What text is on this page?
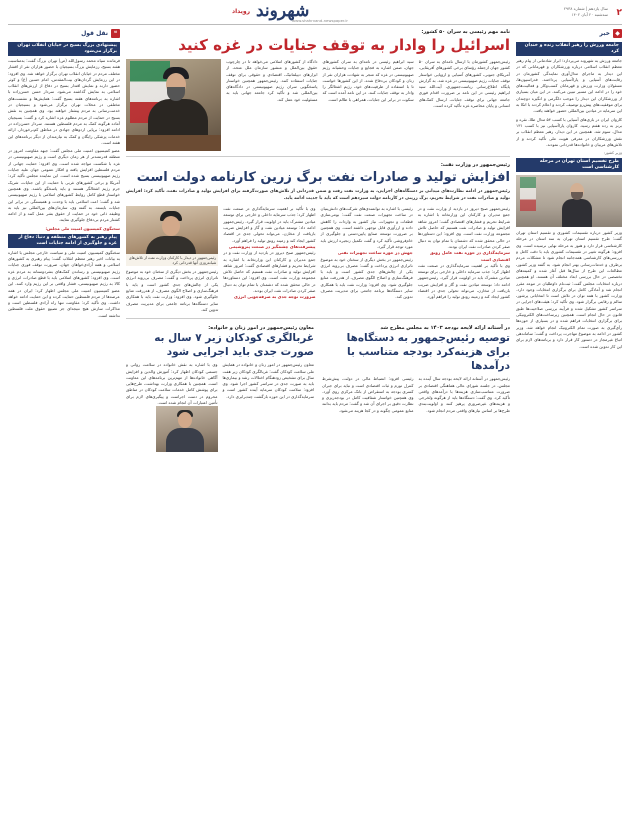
۲
سال یازدهم | شماره ۲۹۳۸
سه‌شنبه ۲۰ آبان ۱۴۰۲
رویداد شهروند
www.shahrvand-newspaper.ir
◆
خبر
جامعه ورزش را رهبر انقلاب زنده و خندان کرد

جامعه ورزش به شهروند می‌پردازد؛ ابراز شادمانی از پیام رهبر معظم انقلاب اسلامی درباره ورزشکاران و قهرمانانی که در این دیدار به ماجرای مدال‌آوری نمایندگی کشورمان در رقابت‌های آسیایی و پاراآسیایی پرداختند. فدراسیون‌ها، مسئولان وزارت ورزش و قهرمانان کسب‌وکار و فعالیت‌های خود را در ادامه این مسیر تبیین می‌کنند. در این میان بسیاری از ورزشکاران این دیدار را موجب دلگرمی و انگیزه دوچندان برای موفقیت‌های پیش‌رو توصیف کردند و اعلام کردند با اتکا به این سرمایه در میادین بین‌المللی حضور خواهند یافت.

کاروان ایران در بازی‌های آسیایی با کسب ۵۴ مدال طلا، نقره و برنز به رده هفتم رسید. کاروان پاراآسیایی نیز با کسب ۱۳۱ مدال، سوم شد. همچنین در این دیدار، رهبر معظم انقلاب بر نقش ورزشکاران در معرفی هویت ملی تأکید کردند و از تلاش‌های مربیان و خانواده‌ها قدردانی نمودند.

وزیر کشور:
طرح تقسیم استان تهران در مرحله کارشناسی است

وزیر کشور درباره تقسیمات کشوری و تقسیم استان تهران گفت: طرح تقسیم استان تهران به سه استان در مرحله کارشناسی قرار دارد و هنوز به مرحله نهایی نرسیده است. وی افزود: هرگونه تغییر در تقسیمات کشوری باید با دقت کامل و بررسی‌های کارشناسی همه‌جانبه انجام شود تا مشکلات مردم برطرف و خدمات‌رسانی بهتر انجام شود. به گفته وزیر کشور، مطالعات این طرح از سال‌ها قبل آغاز شده و کمیته‌های تخصصی در حال بررسی ابعاد مختلف آن هستند. او همچنین درباره انتخابات مجلس گفت: ثبت‌نام داوطلبان در موعد مقرر انجام شد و آمادگی کامل برای برگزاری انتخابات وجود دارد. وزارت کشور با همه توان در تلاش است تا انتخاباتی پرشور، سالم و رقابتی برگزار شود. وی تأکید کرد: هیئت‌های اجرایی در سراسر کشور تشکیل شده و فرآیند بررسی صلاحیت‌ها طبق قانون در حال انجام است. همچنین زیرساخت‌های الکترونیکی برای برگزاری انتخابات فراهم شده و در بسیاری از حوزه‌ها رأی‌گیری به صورت تمام الکترونیک انجام خواهد شد. وزیر کشور در ادامه به موضوع مهاجرت پرداخت و گفت: ساماندهی اتباع غیرمجاز در دستور کار قرار دارد و برنامه‌های لازم برای این کار تدوین شده است.

نامه مهم رئیسی به سران ۵۰ کشور:
اسرائیل را وادار به توقف جنایات در غزه کنید

رئیس‌جمهور کشورمان با ارسال نامه‌ای به سران ۵۰ کشور جهان ازجمله رؤسای برخی کشورهای آفریقایی، آمریکای جنوبی، کشورهای آسیایی و اروپایی خواستار توقف جنایات رژیم صهیونیستی در غزه شد. به گزارش پایگاه اطلاع‌رسانی ریاست‌جمهوری، آیت‌الله سید ابراهیم رئیسی در این نامه بر ضرورت اقدام فوری جامعه جهانی برای توقف جنایات، ارسال کمک‌های انسانی و پایان محاصره غزه تأکید کرده است.

سید ابراهیم رئیسی در نامه‌ای به سران کشورهای جهان، ضمن اشاره به فجایع و جنایات وحشیانه رژیم صهیونیستی در غزه که منجر به شهادت هزاران نفر از زنان و کودکان بی‌دفاع شده، از این کشورها خواست تا با استفاده از ظرفیت‌های خود، رژیم اشغالگر را وادار به توقف جنایات کنند. در این نامه آمده است که سکوت در برابر این جنایات، همراهی با ظالم است.

دادگاه از کشورهای اسلامی می‌خواهد تا در چارچوب حقوق بین‌الملل و منشور سازمان ملل متحد، از ابزارهای دیپلماتیک، اقتصادی و حقوقی برای توقف جنایات استفاده کنند. رئیس‌جمهور همچنین خواستار پاسخگویی سران رژیم صهیونیستی در دادگاه‌های بین‌المللی شد و تأکید کرد جامعه جهانی باید به مسئولیت خود عمل کند.

رئیس‌جمهور در وزارت نفت:
افزایش تولید و صادرات نفت برگ زرین کارنامه دولت است

رئیس‌جمهور در ادامه نظارت‌های میدانی بر دستگاه‌های اجرایی، به وزارت نفت رفت و ضمن قدردانی از تلاش‌های صورت‌گرفته برای افزایش تولید و صادرات نفت، تأکید کرد: افزایش تولید و صادرات نفت در شرایط تحریم، برگ زرینی در کارنامه دولت سیزدهم است که باید با جدیت ادامه یابد.

رئیس‌جمهور صبح دیروز در بازدید از وزارت نفت و در جمع مدیران و کارکنان این وزارتخانه با اشاره به شرایط تحریم و فشارهای اقتصادی گفت: امروز شاهد افزایش تولید و صادرات نفت هستیم که حاصل تلاش مجموعه وزارت نفت است. وی افزود: این دستاوردها در حالی محقق شده که دشمنان با تمام توان به دنبال صفر کردن صادرات نفت ایران بودند.

سرمایه‌گذاری در حوزه نفت عامل رونق اقتصادی است

وی با تأکید بر اهمیت سرمایه‌گذاری در صنعت نفت اظهار کرد: جذب سرمایه داخلی و خارجی برای توسعه میادین مشترک باید در اولویت قرار گیرد. رئیس‌جمهور ادامه داد: توسعه میادین نفت و گاز و افزایش ضریب بازیافت از مخازن، می‌تواند تحولی جدی در اقتصاد کشور ایجاد کند و زمینه رونق تولید را فراهم آورد.

رئیسی با اشاره به توانمندی‌های شرکت‌های دانش‌بنیان در ساخت تجهیزات صنعت نفت گفت: بومی‌سازی قطعات و تجهیزات، نیاز کشور به واردات را کاهش داده و ارزآوری قابل توجهی داشته است. وی همچنین بر ضرورت توسعه صنایع پایین‌دستی و جلوگیری از خام‌فروشی تأکید کرد و گفت تکمیل زنجیره ارزش باید مورد توجه قرار گیرد.

جهش در حوزه ساخت تجهیزات نفتی

رئیس‌جمهور در بخش دیگری از سخنان خود به موضوع ناترازی انرژی پرداخت و گفت: مصرف بی‌رویه انرژی یکی از چالش‌های جدی کشور است و باید با فرهنگ‌سازی و اصلاح الگوی مصرف، از هدررفت منابع جلوگیری شود. وی افزود: وزارت نفت باید با همکاری سایر دستگاه‌ها برنامه جامعی برای مدیریت مصرف تدوین کند.

وی با تأکید بر اهمیت سرمایه‌گذاری در صنعت نفت اظهار کرد: جذب سرمایه داخلی و خارجی برای توسعه میادین مشترک باید در اولویت قرار گیرد. رئیس‌جمهور ادامه داد: توسعه میادین نفت و گاز و افزایش ضریب بازیافت از مخازن، می‌تواند تحولی جدی در اقتصاد کشور ایجاد کند و زمینه رونق تولید را فراهم آورد.

پیشرفت‌های چشمگیر در صنعت پتروشیمی

رئیس‌جمهور صبح دیروز در بازدید از وزارت نفت و در جمع مدیران و کارکنان این وزارتخانه با اشاره به شرایط تحریم و فشارهای اقتصادی گفت: امروز شاهد افزایش تولید و صادرات نفت هستیم که حاصل تلاش مجموعه وزارت نفت است. وی افزود: این دستاوردها در حالی محقق شده که دشمنان با تمام توان به دنبال صفر کردن صادرات نفت ایران بودند.

ضرورت توجه جدی به صرفه‌جویی انرژی
رئیس‌جمهور در دیدار با کارکنان وزارت نفت از تلاش‌های شبانه‌روزی آنها قدردانی کرد

رئیس‌جمهور در بخش دیگری از سخنان خود به موضوع ناترازی انرژی پرداخت و گفت: مصرف بی‌رویه انرژی یکی از چالش‌های جدی کشور است و باید با فرهنگ‌سازی و اصلاح الگوی مصرف، از هدررفت منابع جلوگیری شود. وی افزود: وزارت نفت باید با همکاری سایر دستگاه‌ها برنامه جامعی برای مدیریت مصرف تدوین کند.

در آستانه ارائه لایحه بودجه ۱۴۰۳ به مجلس مطرح شد
توصیه رئیس‌جمهور به دستگاه‌ها برای هزینه‌کرد بودجه متناسب با درآمدها

رئیس‌جمهور در آستانه ارائه لایحه بودجه سال آینده به مجلس، در جلسه شورای عالی هماهنگی اقتصادی بر ضرورت متناسب‌سازی هزینه‌ها با درآمدهای واقعی تأکید کرد. وی گفت: دستگاه‌ها باید از هرگونه ولخرجی و هزینه‌های غیرضروری پرهیز کنند و اولویت‌بندی طرح‌ها بر اساس نیازهای واقعی مردم انجام شود.

رئیسی افزود: انضباط مالی در دولت، پیش‌شرط کنترل تورم و ثبات اقتصادی است و نباید برای جبران کسری بودجه به استقراض از بانک مرکزی روی آورد. وی همچنین خواستار شفافیت کامل در بودجه‌ریزی و نظارت دقیق بر اجرای آن شد و گفت: مردم باید بدانند منابع عمومی چگونه و در کجا هزینه می‌شود.

معاون رئیس‌جمهور در امور زنان و خانواده:
غربالگری کودکان زیر ۷ سال به صورت جدی باید اجرایی شود

معاون رئیس‌جمهور در امور زنان و خانواده در همایش ملی سلامت کودکان گفت: غربالگری کودکان زیر هفت سال برای تشخیص زودهنگام اختلالات رشد و بیماری‌ها باید به صورت جدی در سراسر کشور اجرا شود. وی افزود: سلامت کودکان سرمایه آینده کشور است و سرمایه‌گذاری در این حوزه بازگشت چندبرابری دارد.

وی با اشاره به نقش خانواده در سلامت روانی و جسمی کودکان اظهار کرد: آموزش والدین و افزایش آگاهی خانواده‌ها از مهم‌ترین برنامه‌های این معاونت است. همچنین با همکاری وزارت بهداشت، طرح‌هایی برای پوشش کامل خدمات سلامت کودکان در مناطق محروم در دست اجراست و پیگیری‌های لازم برای تأمین اعتبارات آن انجام شده است.

❝
نقل قول
پیشنهادی بزرگ بسیج در خیابان انقلاب تهران برگزار می‌شود

فرمانده سپاه محمد رسول‌الله (ص) تهران بزرگ گفت: به‌مناسبت هفته بسیج، رزمایش بزرگ بسیجیان با حضور هزاران نفر از اقشار مختلف مردم در خیابان انقلاب تهران برگزار خواهد شد. وی افزود: در این رزمایش گردان‌های بیت‌المقدس، امام حسین (ع) و کوثر حضور دارند و نمایش اقتدار بسیج در دفاع از ارزش‌های انقلاب اسلامی به نمایش گذاشته می‌شود. سردار حسن حسن‌زاده با اشاره به برنامه‌های هفته بسیج گفت: همایش‌ها و نشست‌های مختلفی در محلات تهران برگزار می‌شود و بسیجیان در خدمت‌رسانی به مردم پیشتاز خواهند بود. وی همچنین به نقش بسیج در حمایت از مردم مظلوم غزه اشاره کرد و گفت: بسیجیان آماده هرگونه کمک به مردم فلسطین هستند. سردار حسن‌زاده در ادامه افزود: برپایی اردوهای جهادی در مناطق کم‌برخوردار، ارائه خدمات پزشکی رایگان و کمک به نیازمندان از دیگر برنامه‌های این هفته است.

عضو کمیسیون امنیت ملی مجلس گفت: جبهه مقاومت امروز در منطقه قدرتمندتر از هر زمان دیگری است و رژیم صهیونیستی در غزه با شکست مواجه شده است. وی افزود: حمایت جهانی از مردم فلسطین افزایش یافته و افکار عمومی جهان علیه جنایات رژیم صهیونیستی بسیج شده است. این نماینده مجلس تأکید کرد: آمریکا و برخی کشورهای غربی با حمایت از این جنایات، شریک جرم رژیم اشغالگر هستند و باید پاسخگو باشند. وی همچنین خواستار قطع کامل روابط کشورهای اسلامی با رژیم صهیونیستی شد و گفت: امت اسلامی باید با وحدت و همبستگی در برابر این جنایات بایستد. به گفته وی، سازمان‌های بین‌المللی نیز باید به وظیفه ذاتی خود در حمایت از حقوق بشر عمل کنند و از ادامه کشتار مردم بی‌دفاع جلوگیری نمایند.

سخنگوی کمیسیون امنیت ملی مجلس:
پیام رهبر به کشورهای منطقه و دنیا: دفاع از غزه و جلوگیری از ادامه جنایات است

سخنگوی کمیسیون امنیت ملی و سیاست خارجی مجلس با اشاره به بیانات اخیر رهبر معظم انقلاب گفت: پیام رهبری به کشورهای اسلامی و همه آزادی‌خواهان جهان، ضرورت توقف فوری جنایات رژیم صهیونیستی و رساندن کمک‌های بشردوستانه به مردم غزه است. وی افزود: کشورهای اسلامی باید با قطع صادرات انرژی و کالا به رژیم صهیونیستی، فشار واقعی بر این رژیم وارد کنند. این عضو کمیسیون امنیت ملی مجلس اظهار کرد: ایران در همه عرصه‌ها از مردم فلسطین حمایت کرده و این حمایت ادامه خواهد داشت. وی تأکید کرد: مقاومت تنها راه آزادی فلسطین است و مذاکرات سازش هیچ نتیجه‌ای جز تضییع حقوق ملت فلسطین نداشته است.
